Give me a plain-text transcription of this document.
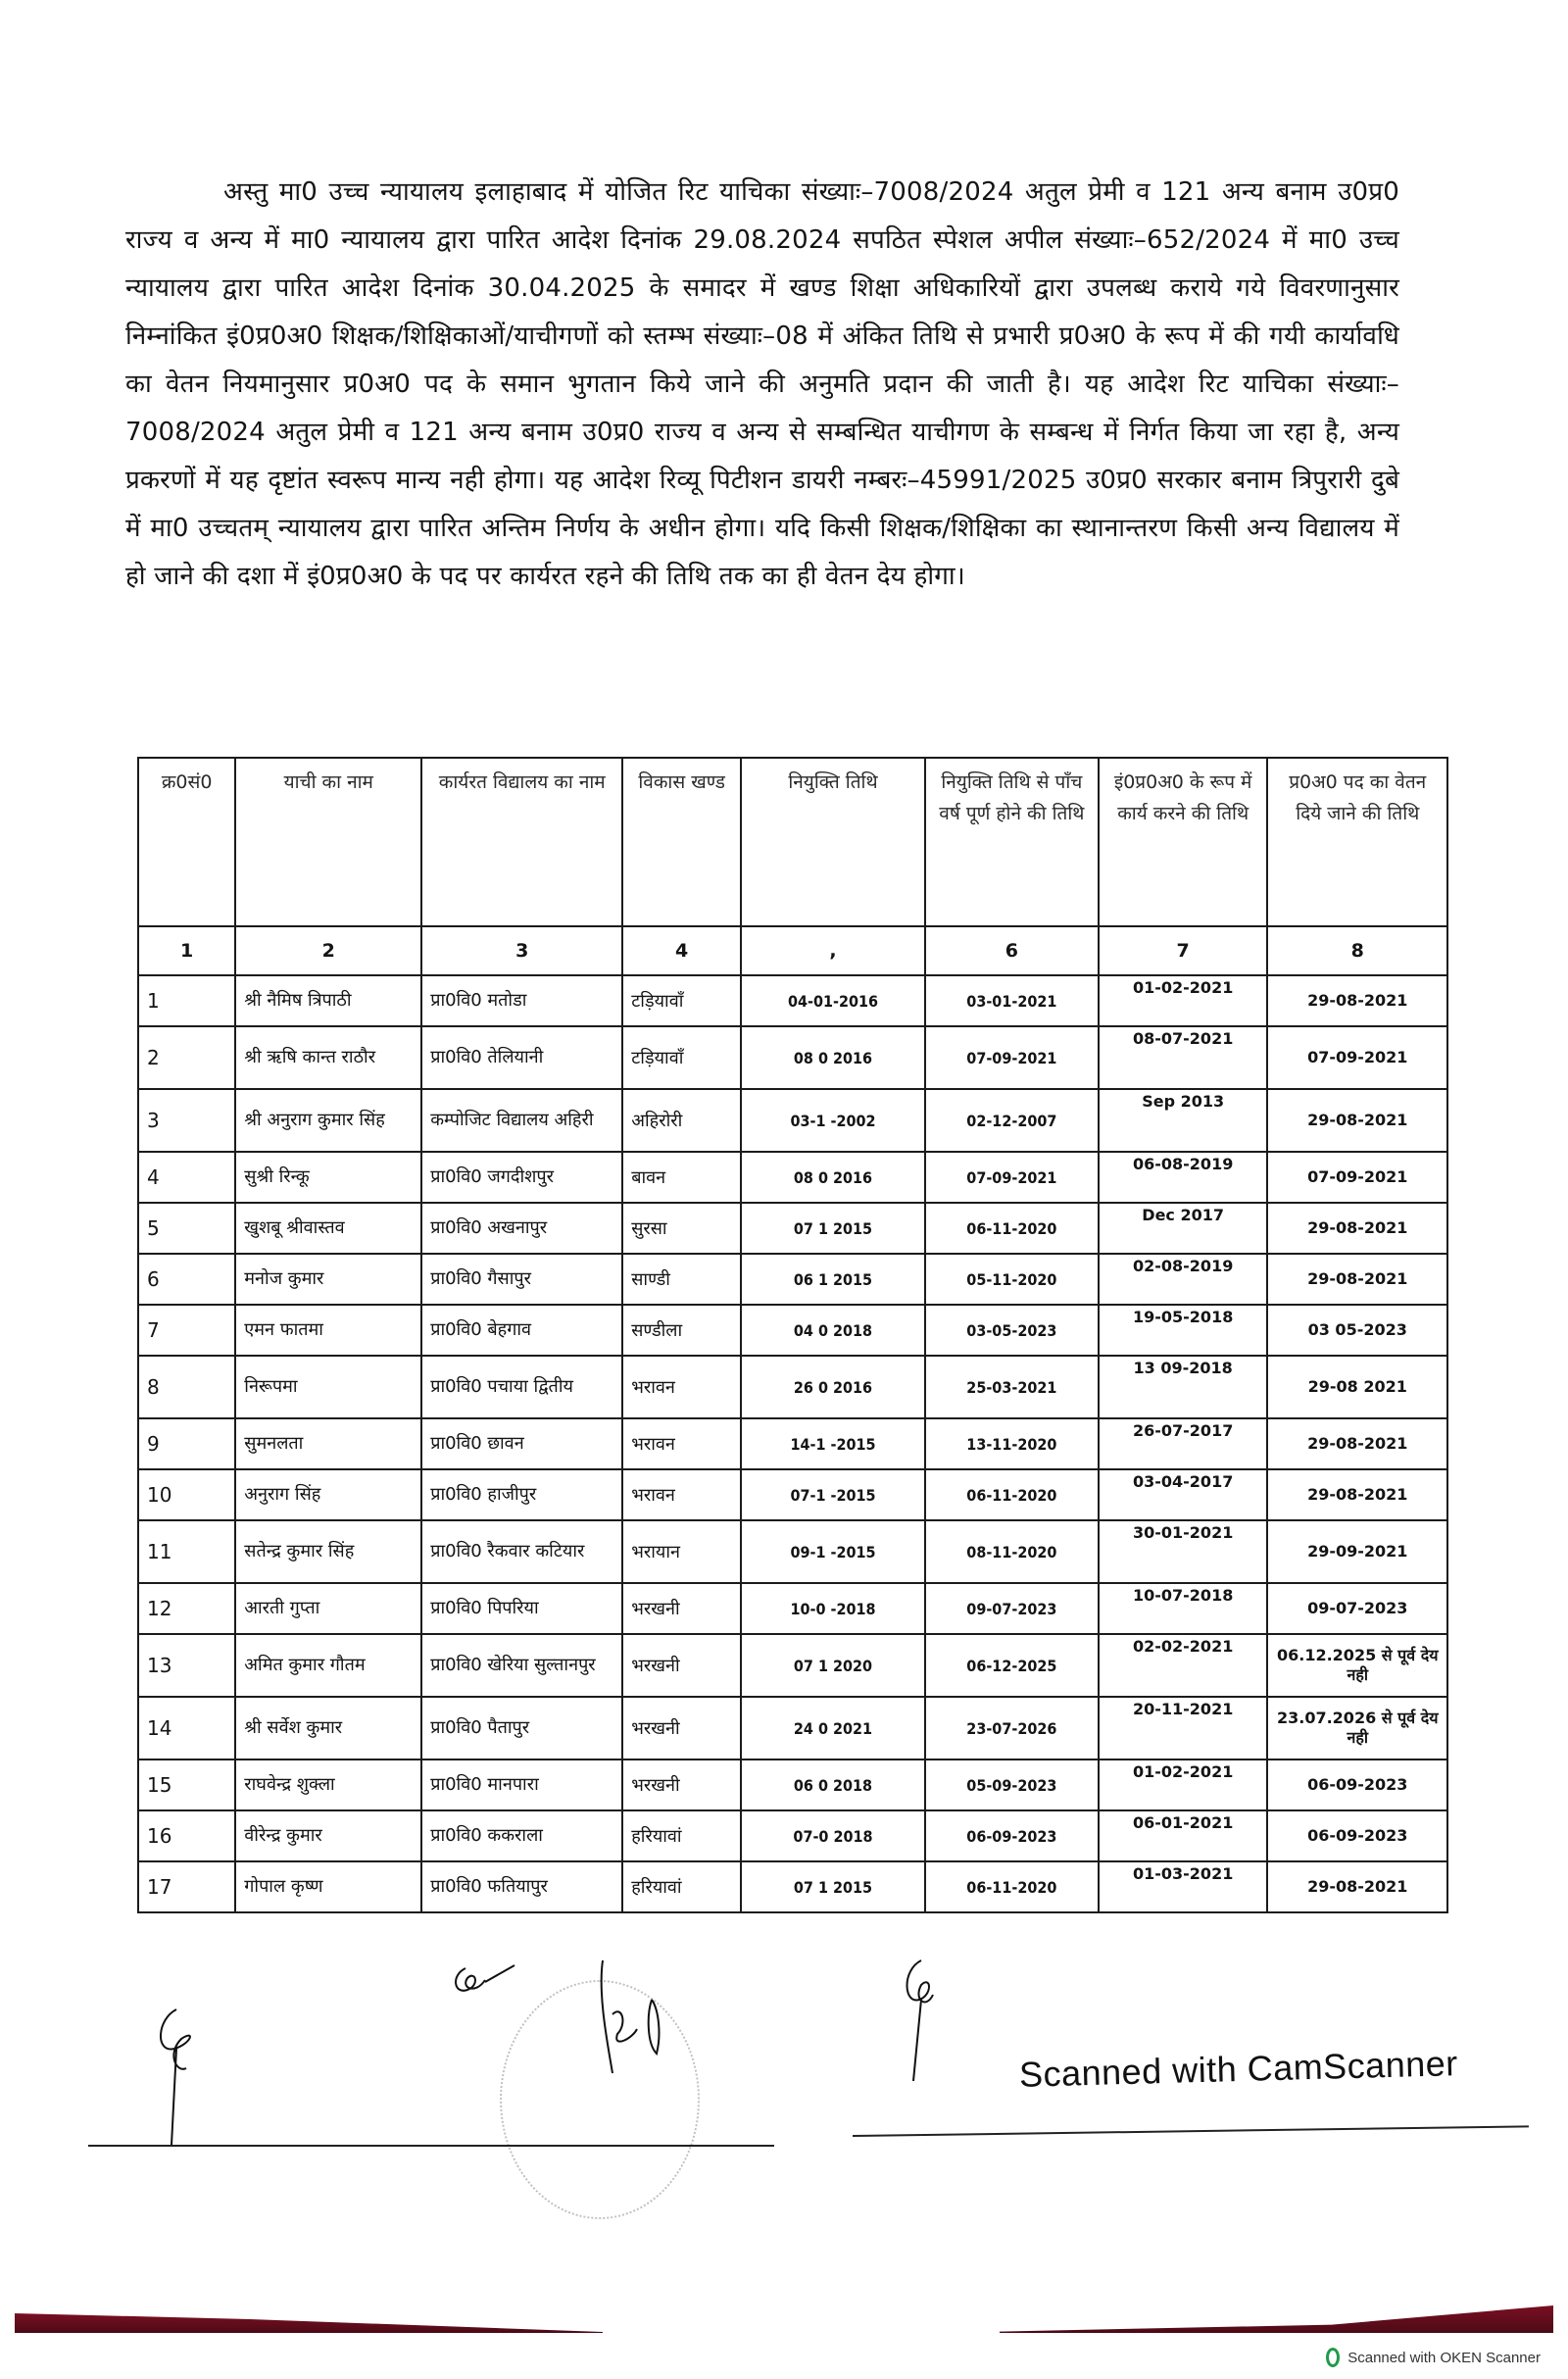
अस्तु मा0 उच्च न्यायालय इलाहाबाद में योजित रिट याचिका संख्याः–7008/2024 अतुल प्रेमी व 121 अन्य बनाम उ0प्र0 राज्य व अन्य में मा0 न्यायालय द्वारा पारित आदेश दिनांक 29.08.2024 सपठित स्पेशल अपील संख्याः–652/2024 में मा0 उच्च न्यायालय द्वारा पारित आदेश दिनांक 30.04.2025 के समादर में खण्ड शिक्षा अधिकारियों द्वारा उपलब्ध कराये गये विवरणानुसार निम्नांकित इं0प्र0अ0 शिक्षक/शिक्षिकाओं/याचीगणों को स्तम्भ संख्याः–08 में अंकित तिथि से प्रभारी प्र0अ0 के रूप में की गयी कार्यावधि का वेतन नियमानुसार प्र0अ0 पद के समान भुगतान किये जाने की अनुमति प्रदान की जाती है। यह आदेश रिट याचिका संख्याः– 7008/2024 अतुल प्रेमी व 121 अन्य बनाम उ0प्र0 राज्य व अन्य से सम्बन्धित याचीगण के सम्बन्ध में निर्गत किया जा रहा है, अन्य प्रकरणों में यह दृष्टांत स्वरूप मान्य नही होगा। यह आदेश रिव्यू पिटीशन डायरी नम्बरः–45991/2025 उ0प्र0 सरकार बनाम त्रिपुरारी दुबे में मा0 उच्चतम् न्यायालय द्वारा पारित अन्तिम निर्णय के अधीन होगा। यदि किसी शिक्षक/शिक्षिका का स्थानान्तरण किसी अन्य विद्यालय में हो जाने की दशा में इं0प्र0अ0 के पद पर कार्यरत रहने की तिथि तक का ही वेतन देय होगा।
क्र0सं0	याची का नाम	कार्यरत विद्यालय का नाम	विकास खण्ड	नियुक्ति तिथि	नियुक्ति तिथि से पाँच वर्ष पूर्ण होने की तिथि	इं0प्र0अ0 के रूप में कार्य करने की तिथि	प्र0अ0 पद का वेतन दिये जाने की तिथि
1	2	3	4	,	6	7	8
1	श्री नैमिष त्रिपाठी	प्रा0वि0 मतोडा	टड़ियावाँ	04-01-2016	03-01-2021	01-02-2021	29-08-2021
2	श्री ऋषि कान्त राठौर	प्रा0वि0 तेलियानी	टड़ियावाँ	08 0 2016	07-09-2021	08-07-2021	07-09-2021
3	श्री अनुराग कुमार सिंह	कम्पोजिट विद्यालय अहिरी	अहिरोरी	03-1 -2002	02-12-2007	Sep 2013	29-08-2021
4	सुश्री रिन्कू	प्रा0वि0 जगदीशपुर	बावन	08 0 2016	07-09-2021	06-08-2019	07-09-2021
5	खुशबू श्रीवास्तव	प्रा0वि0 अखनापुर	सुरसा	07 1 2015	06-11-2020	Dec 2017	29-08-2021
6	मनोज कुमार	प्रा0वि0 गैसापुर	साण्डी	06 1 2015	05-11-2020	02-08-2019	29-08-2021
7	एमन फातमा	प्रा0वि0 बेहगाव	सण्डीला	04 0 2018	03-05-2023	19-05-2018	03 05-2023
8	निरूपमा	प्रा0वि0 पचाया द्वितीय	भरावन	26 0 2016	25-03-2021	13 09-2018	29-08 2021
9	सुमनलता	प्रा0वि0 छावन	भरावन	14-1 -2015	13-11-2020	26-07-2017	29-08-2021
10	अनुराग सिंह	प्रा0वि0 हाजीपुर	भरावन	07-1 -2015	06-11-2020	03-04-2017	29-08-2021
11	सतेन्द्र कुमार सिंह	प्रा0वि0 रैकवार कटियार	भरायान	09-1 -2015	08-11-2020	30-01-2021	29-09-2021
12	आरती गुप्ता	प्रा0वि0 पिपरिया	भरखनी	10-0 -2018	09-07-2023	10-07-2018	09-07-2023
13	अमित कुमार गौतम	प्रा0वि0 खेरिया सुल्तानपुर	भरखनी	07 1 2020	06-12-2025	02-02-2021	06.12.2025 से पूर्व देय नही
14	श्री सर्वेश कुमार	प्रा0वि0 पैतापुर	भरखनी	24 0 2021	23-07-2026	20-11-2021	23.07.2026 से पूर्व देय नही
15	राघवेन्द्र शुक्ला	प्रा0वि0 मानपारा	भरखनी	06 0 2018	05-09-2023	01-02-2021	06-09-2023
16	वीरेन्द्र कुमार	प्रा0वि0 ककराला	हरियावां	07-0 2018	06-09-2023	06-01-2021	06-09-2023
17	गोपाल कृष्ण	प्रा0वि0 फतियापुर	हरियावां	07 1 2015	06-11-2020	01-03-2021	29-08-2021
Scanned with CamScanner
Scanned with OKEN Scanner
